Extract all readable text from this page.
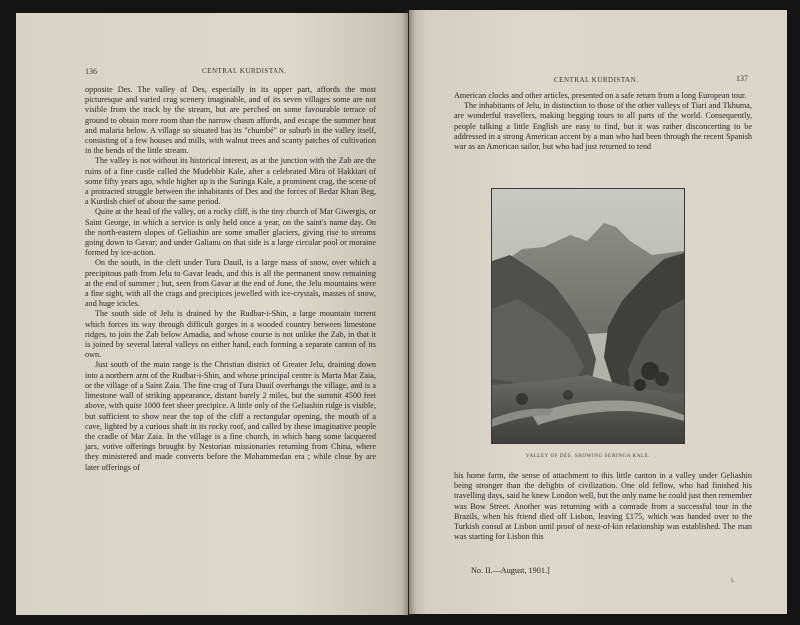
136	CENTRAL KURDISTAN.

opposite Des. The valley of Des, especially in its upper part, affords the most picturesque and varied crag scenery imaginable, and of its seven villages some are not visible from the track by the stream, but are perched on some favourable terrace of ground to obtain more room than the narrow chasm affords, and escape the summer heat and malaria below. A village so situated has its "chumbé" or suburb in the valley itself, consisting of a few houses and mills, with walnut trees and scanty patches of cultivation in the bends of the little stream.

The valley is not without its historical interest, as at the junction with the Zab are the ruins of a fine castle called the Mudebbir Kale, after a celebrated Mira of Hakkiari of some fifty years ago, while higher up is the Suringa Kale, a prominent crag, the scene of a protracted struggle between the inhabitants of Des and the forces of Bedar Khan Beg, a Kurdish chief of about the same period.

Quite at the head of the valley, on a rocky cliff, is the tiny church of Mar Giwergis, or Saint George, in which a service is only held once a year, on the saint's name day. On the north-eastern slopes of Geliashin are some smaller glaciers, giving rise to streams going down to Gavar; and under Galianu on that side is a large circular pool or moraine formed by ice-action.

On the south, in the cleft under Tura Dauil, is a large mass of snow, over which a precipitous path from Jelu to Gavar leads, and this is all the permanent snow remaining at the end of summer ; but, seen from Gavar at the end of June, the Jelu mountains were a fine sight, with all the crags and precipices jewelled with ice-crystals, masses of snow, and huge icicles.

The south side of Jelu is drained by the Rudbar-i-Shin, a large mountain torrent which forces its way through difficult gorges in a wooded country between limestone ridges, to join the Zab below Amadia, and whose course is not unlike the Zab, in that it is joined by several lateral valleys on either hand, each forming a separate canton of its own.

Just south of the main range is the Christian district of Greater Jelu, draining down into a northern arm of the Rudbar-i-Shin, and whose principal centre is Marta Mar Zaia, or the village of a Saint Zaia. The fine crag of Tura Dauil overhangs the village, and is a limestone wall of striking appearance, distant barely 2 miles, but the summit 4500 feet above, with quite 1000 feet sheer precipice. A little only of the Geliashin ridge is visible, but sufficient to show near the top of the cliff a rectangular opening, the mouth of a cave, lighted by a curious shaft in its rocky roof, and called by these imaginative people the cradle of Mar Zaia. In the village is a fine church, in which hang some lacquered jars, votive offerings brought by Nestorian missionaries returning from China, where they ministered and made converts before the Mohammedan era ; while close by are later offerings of

CENTRAL KURDISTAN.	137

American clocks and other articles, presented on a safe return from a long European tour.

The inhabitants of Jelu, in distinction to those of the other valleys of Tiari and Tkhuma, are wonderful travellers, making begging tours to all parts of the world. Consequently, people talking a little English are easy to find, but it was rather disconcerting to be addressed in a strong American accent by a man who had been through the recent Spanish war as an American sailor, but who had just returned to tend

VALLEY OF DES, SHOWING SURINGA KALE.

his home farm, the sense of attachment to this little canton in a valley under Geliashin being stronger than the delights of civilization. One old fellow, who had finished his travelling days, said he knew London well, but the only name he could just then remember was Bow Street. Another was returning with a comrade from a successful tour in the Brazils, when his friend died off Lisbon, leaving £175, which was handed over to the Turkish consul at Lisbon until proof of next-of-kin relationship was established. The man was starting for Lisbon this

No. II.—August, 1901.]
L
